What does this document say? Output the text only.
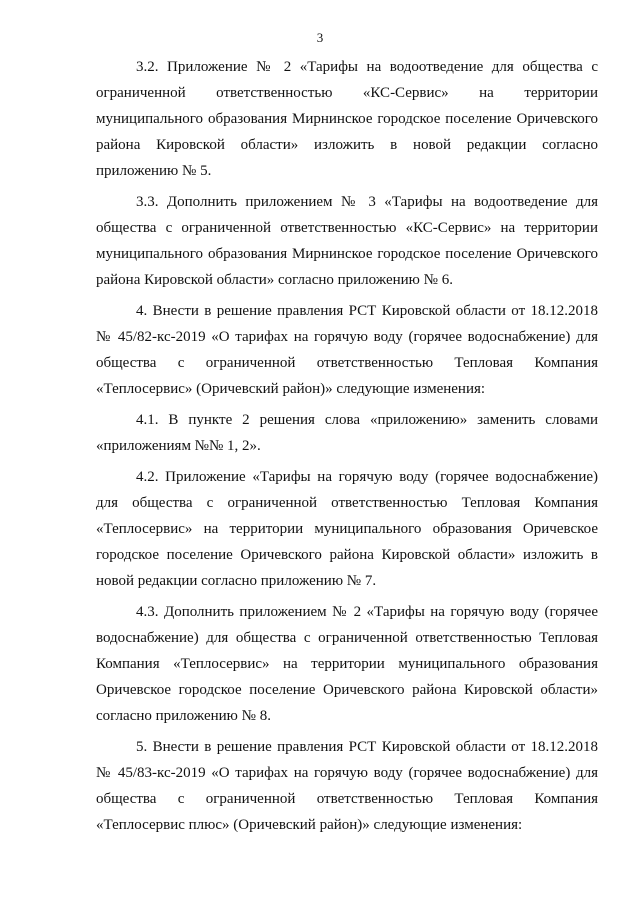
3

3.2. Приложение № 2 «Тарифы на водоотведение для общества с ограниченной ответственностью «КС-Сервис» на территории муниципального образования Мирнинское городское поселение Оричевского района Кировской области» изложить в новой редакции согласно приложению № 5.

3.3. Дополнить приложением № 3 «Тарифы на водоотведение для общества с ограниченной ответственностью «КС-Сервис» на территории муниципального образования Мирнинское городское поселение Оричевского района Кировской области» согласно приложению № 6.

4. Внести в решение правления РСТ Кировской области от 18.12.2018 № 45/82-кс-2019 «О тарифах на горячую воду (горячее водоснабжение) для общества с ограниченной ответственностью Тепловая Компания «Теплосервис» (Оричевский район)» следующие изменения:

4.1. В пункте 2 решения слова «приложению» заменить словами «приложениям №№ 1, 2».

4.2. Приложение «Тарифы на горячую воду (горячее водоснабжение) для общества с ограниченной ответственностью Тепловая Компания «Теплосервис» на территории муниципального образования Оричевское городское поселение Оричевского района Кировской области» изложить в новой редакции согласно приложению № 7.

4.3. Дополнить приложением № 2 «Тарифы на горячую воду (горячее водоснабжение) для общества с ограниченной ответственностью Тепловая Компания «Теплосервис» на территории муниципального образования Оричевское городское поселение Оричевского района Кировской области» согласно приложению № 8.

5. Внести в решение правления РСТ Кировской области от 18.12.2018 № 45/83-кс-2019 «О тарифах на горячую воду (горячее водоснабжение) для общества с ограниченной ответственностью Тепловая Компания «Теплосервис плюс» (Оричевский район)» следующие изменения:
